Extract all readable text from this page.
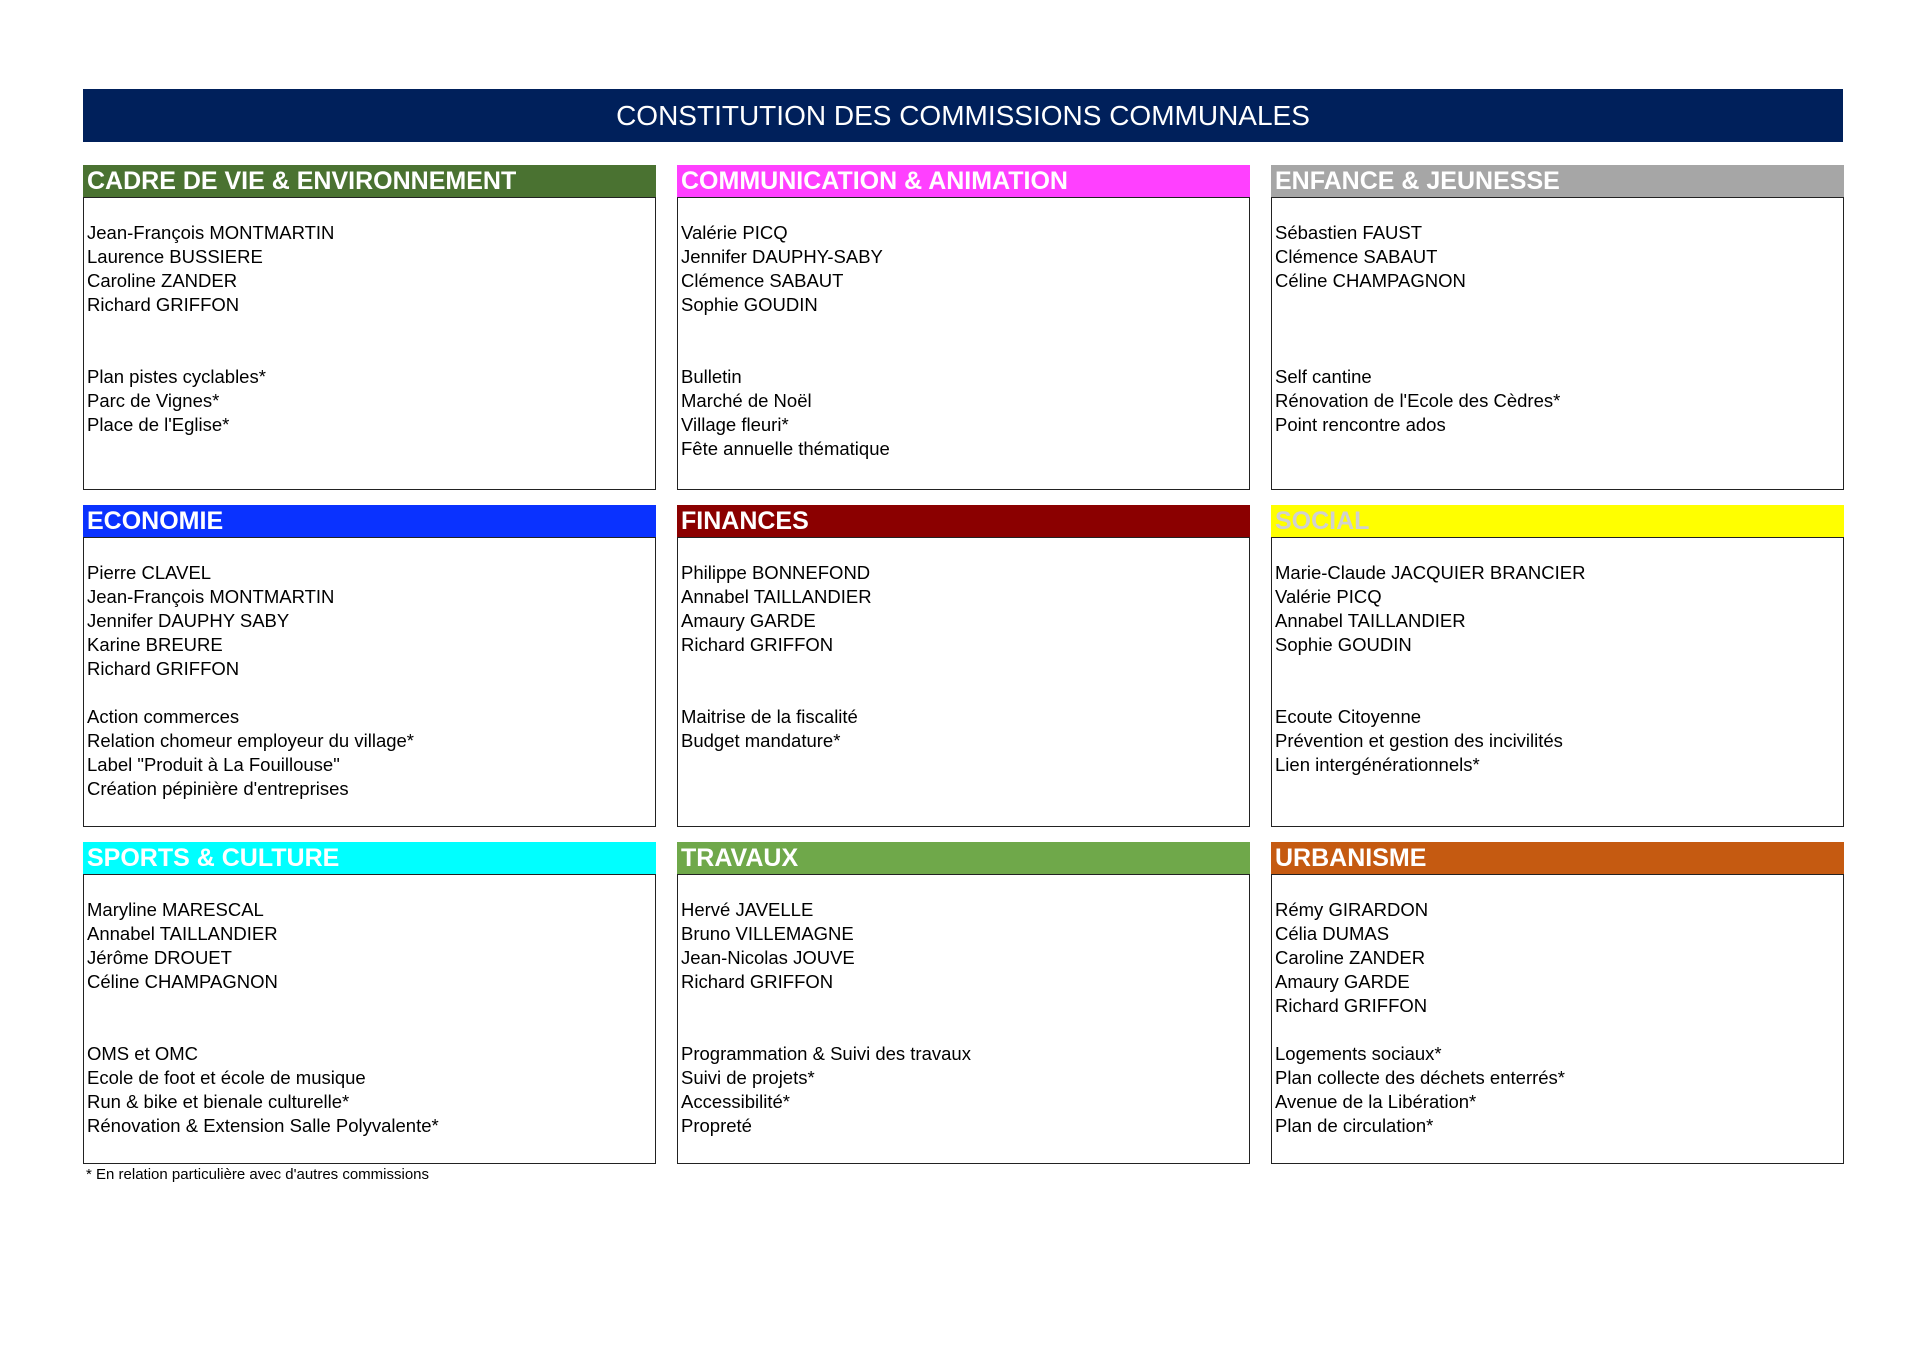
CONSTITUTION DES COMMISSIONS COMMUNALES
CADRE DE VIE & ENVIRONNEMENT
Jean-François MONTMARTIN
Laurence BUSSIERE
Caroline ZANDER
Richard GRIFFON
Plan pistes cyclables*
Parc de Vignes*
Place de l'Eglise*
COMMUNICATION & ANIMATION
Valérie PICQ
Jennifer DAUPHY-SABY
Clémence SABAUT
Sophie GOUDIN
Bulletin
Marché de Noël
Village fleuri*
Fête annuelle thématique
ENFANCE & JEUNESSE
Sébastien FAUST
Clémence SABAUT
Céline CHAMPAGNON
Self cantine
Rénovation de l'Ecole des Cèdres*
Point rencontre ados
ECONOMIE
Pierre CLAVEL
Jean-François MONTMARTIN
Jennifer DAUPHY SABY
Karine BREURE
Richard GRIFFON
Action commerces
Relation chomeur employeur du village*
Label "Produit à La Fouillouse"
Création pépinière d'entreprises
FINANCES
Philippe BONNEFOND
Annabel TAILLANDIER
Amaury GARDE
Richard GRIFFON
Maitrise de la fiscalité
Budget mandature*
SOCIAL
Marie-Claude JACQUIER BRANCIER
Valérie PICQ
Annabel TAILLANDIER
Sophie GOUDIN
Ecoute Citoyenne
Prévention et gestion des incivilités
Lien intergénérationnels*
SPORTS & CULTURE
Maryline MARESCAL
Annabel TAILLANDIER
Jérôme DROUET
Céline CHAMPAGNON
OMS et OMC
Ecole de foot et école de musique
Run & bike et bienale culturelle*
Rénovation & Extension Salle Polyvalente*
TRAVAUX
Hervé JAVELLE
Bruno VILLEMAGNE
Jean-Nicolas JOUVE
Richard GRIFFON
Programmation & Suivi des travaux
Suivi de projets*
Accessibilité*
Propreté
URBANISME
Rémy GIRARDON
Célia DUMAS
Caroline ZANDER
Amaury GARDE
Richard GRIFFON
Logements sociaux*
Plan collecte des déchets enterrés*
Avenue de la Libération*
Plan de circulation*
* En relation particulière avec d'autres commissions
